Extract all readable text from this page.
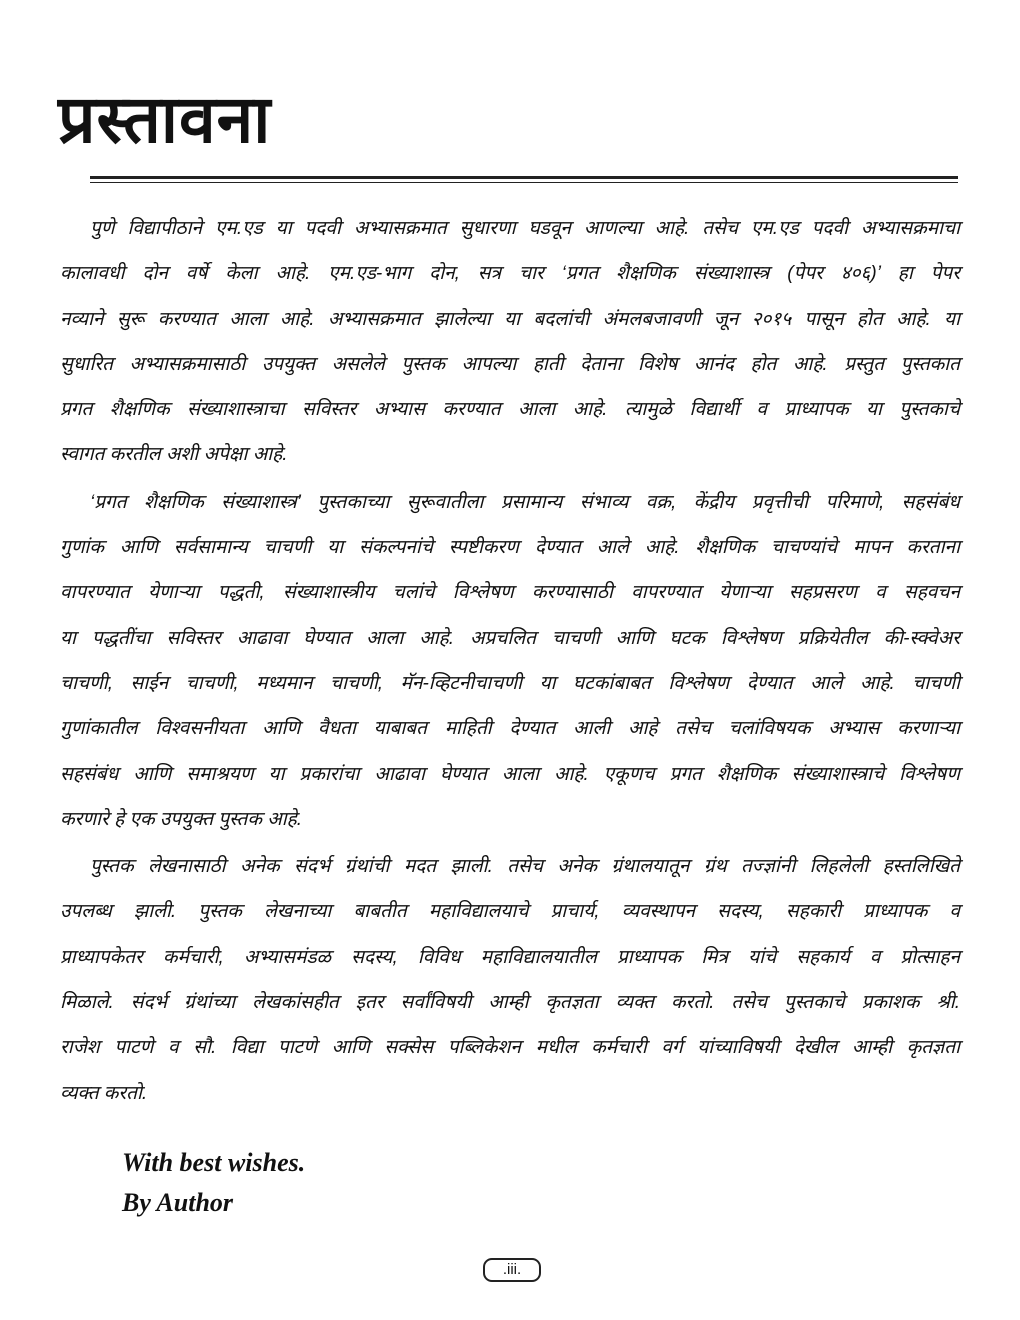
प्रस्तावना
पुणे विद्यापीठाने एम.एड या पदवी अभ्यासक्रमात सुधारणा घडवून आणल्या आहे. तसेच एम.एड पदवी अभ्यासक्रमाचा
कालावधी दोन वर्षे केला आहे. एम.एड-भाग दोन, सत्र चार ‘प्रगत शैक्षणिक संख्याशास्त्र (पेपर ४०६)’ हा पेपर
नव्याने सुरू करण्यात आला आहे. अभ्यासक्रमात झालेल्या या बदलांची अंमलबजावणी जून २०१५ पासून होत आहे. या
सुधारित अभ्यासक्रमासाठी उपयुक्त असलेले पुस्तक आपल्या हाती देताना विशेष आनंद होत आहे. प्रस्तुत पुस्तकात
प्रगत शैक्षणिक संख्याशास्त्राचा सविस्तर अभ्यास करण्यात आला आहे. त्यामुळे विद्यार्थी व प्राध्यापक या पुस्तकाचे
स्वागत करतील अशी अपेक्षा आहे.
‘प्रगत शैक्षणिक संख्याशास्त्र’ पुस्तकाच्या सुरूवातीला प्रसामान्य संभाव्य वक्र, केंद्रीय प्रवृत्तीची परिमाणे, सहसंबंध
गुणांक आणि सर्वसामान्य चाचणी या संकल्पनांचे स्पष्टीकरण देण्यात आले आहे. शैक्षणिक चाचण्यांचे मापन करताना
वापरण्यात येणाऱ्या पद्धती, संख्याशास्त्रीय चलांचे विश्लेषण करण्यासाठी वापरण्यात येणाऱ्या सहप्रसरण व सहवचन
या पद्धतींचा सविस्तर आढावा घेण्यात आला आहे. अप्रचलित चाचणी आणि घटक विश्लेषण प्रक्रियेतील की-स्क्वेअर
चाचणी, साईन चाचणी, मध्यमान चाचणी, मॅन-व्हिटनीचाचणी या घटकांबाबत विश्लेषण देण्यात आले आहे. चाचणी
गुणांकातील विश्वसनीयता आणि वैधता याबाबत माहिती देण्यात आली आहे तसेच चलांविषयक अभ्यास करणाऱ्या
सहसंबंध आणि समाश्रयण या प्रकारांचा आढावा घेण्यात आला आहे. एकूणच प्रगत शैक्षणिक संख्याशास्त्राचे विश्लेषण
करणारे हे एक उपयुक्त पुस्तक आहे.
पुस्तक लेखनासाठी अनेक संदर्भ ग्रंथांची मदत झाली. तसेच अनेक ग्रंथालयातून ग्रंथ तज्ज्ञांनी लिहलेली हस्तलिखिते
उपलब्ध झाली. पुस्तक लेखनाच्या बाबतीत महाविद्यालयाचे प्राचार्य, व्यवस्थापन सदस्य, सहकारी प्राध्यापक व
प्राध्यापकेतर कर्मचारी, अभ्यासमंडळ सदस्य, विविध महाविद्यालयातील प्राध्यापक मित्र यांचे सहकार्य व प्रोत्साहन
मिळाले. संदर्भ ग्रंथांच्या लेखकांसहीत इतर सर्वांविषयी आम्ही कृतज्ञता व्यक्त करतो. तसेच पुस्तकाचे प्रकाशक श्री.
राजेश पाटणे व सौ. विद्या पाटणे आणि सक्सेस पब्लिकेशन मधील कर्मचारी वर्ग यांच्याविषयी देखील आम्ही कृतज्ञता
व्यक्त करतो.
With best wishes.
By Author
.iii.
